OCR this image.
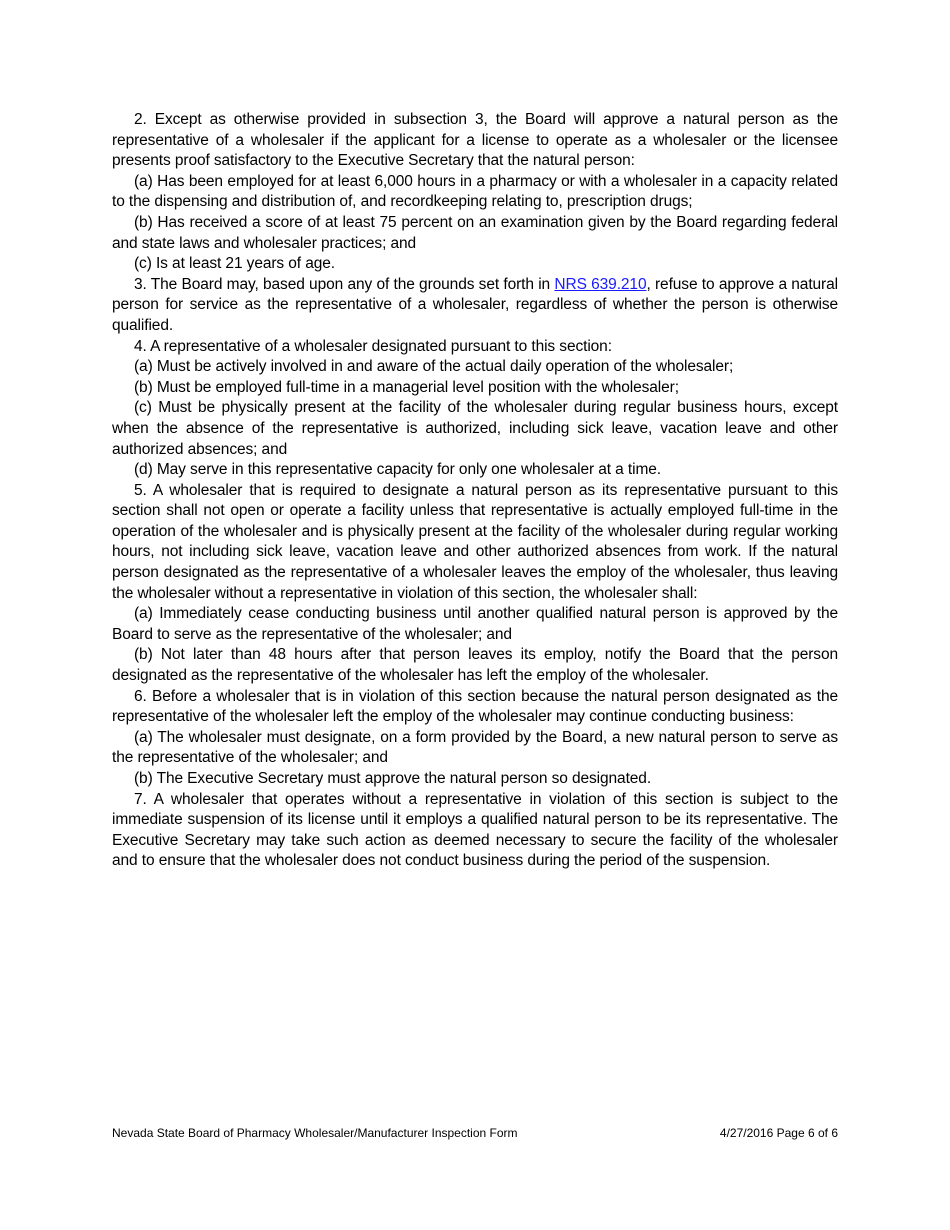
2. Except as otherwise provided in subsection 3, the Board will approve a natural person as the representative of a wholesaler if the applicant for a license to operate as a wholesaler or the licensee presents proof satisfactory to the Executive Secretary that the natural person:

(a) Has been employed for at least 6,000 hours in a pharmacy or with a wholesaler in a capacity related to the dispensing and distribution of, and recordkeeping relating to, prescription drugs;

(b) Has received a score of at least 75 percent on an examination given by the Board regarding federal and state laws and wholesaler practices; and

(c) Is at least 21 years of age.

3. The Board may, based upon any of the grounds set forth in NRS 639.210, refuse to approve a natural person for service as the representative of a wholesaler, regardless of whether the person is otherwise qualified.

4. A representative of a wholesaler designated pursuant to this section:

(a) Must be actively involved in and aware of the actual daily operation of the wholesaler;

(b) Must be employed full-time in a managerial level position with the wholesaler;

(c) Must be physically present at the facility of the wholesaler during regular business hours, except when the absence of the representative is authorized, including sick leave, vacation leave and other authorized absences; and

(d) May serve in this representative capacity for only one wholesaler at a time.

5. A wholesaler that is required to designate a natural person as its representative pursuant to this section shall not open or operate a facility unless that representative is actually employed full-time in the operation of the wholesaler and is physically present at the facility of the wholesaler during regular working hours, not including sick leave, vacation leave and other authorized absences from work. If the natural person designated as the representative of a wholesaler leaves the employ of the wholesaler, thus leaving the wholesaler without a representative in violation of this section, the wholesaler shall:

(a) Immediately cease conducting business until another qualified natural person is approved by the Board to serve as the representative of the wholesaler; and

(b) Not later than 48 hours after that person leaves its employ, notify the Board that the person designated as the representative of the wholesaler has left the employ of the wholesaler.

6. Before a wholesaler that is in violation of this section because the natural person designated as the representative of the wholesaler left the employ of the wholesaler may continue conducting business:

(a) The wholesaler must designate, on a form provided by the Board, a new natural person to serve as the representative of the wholesaler; and

(b) The Executive Secretary must approve the natural person so designated.

7. A wholesaler that operates without a representative in violation of this section is subject to the immediate suspension of its license until it employs a qualified natural person to be its representative. The Executive Secretary may take such action as deemed necessary to secure the facility of the wholesaler and to ensure that the wholesaler does not conduct business during the period of the suspension.

Nevada State Board of Pharmacy Wholesaler/Manufacturer Inspection Form	4/27/2016 Page 6 of 6
